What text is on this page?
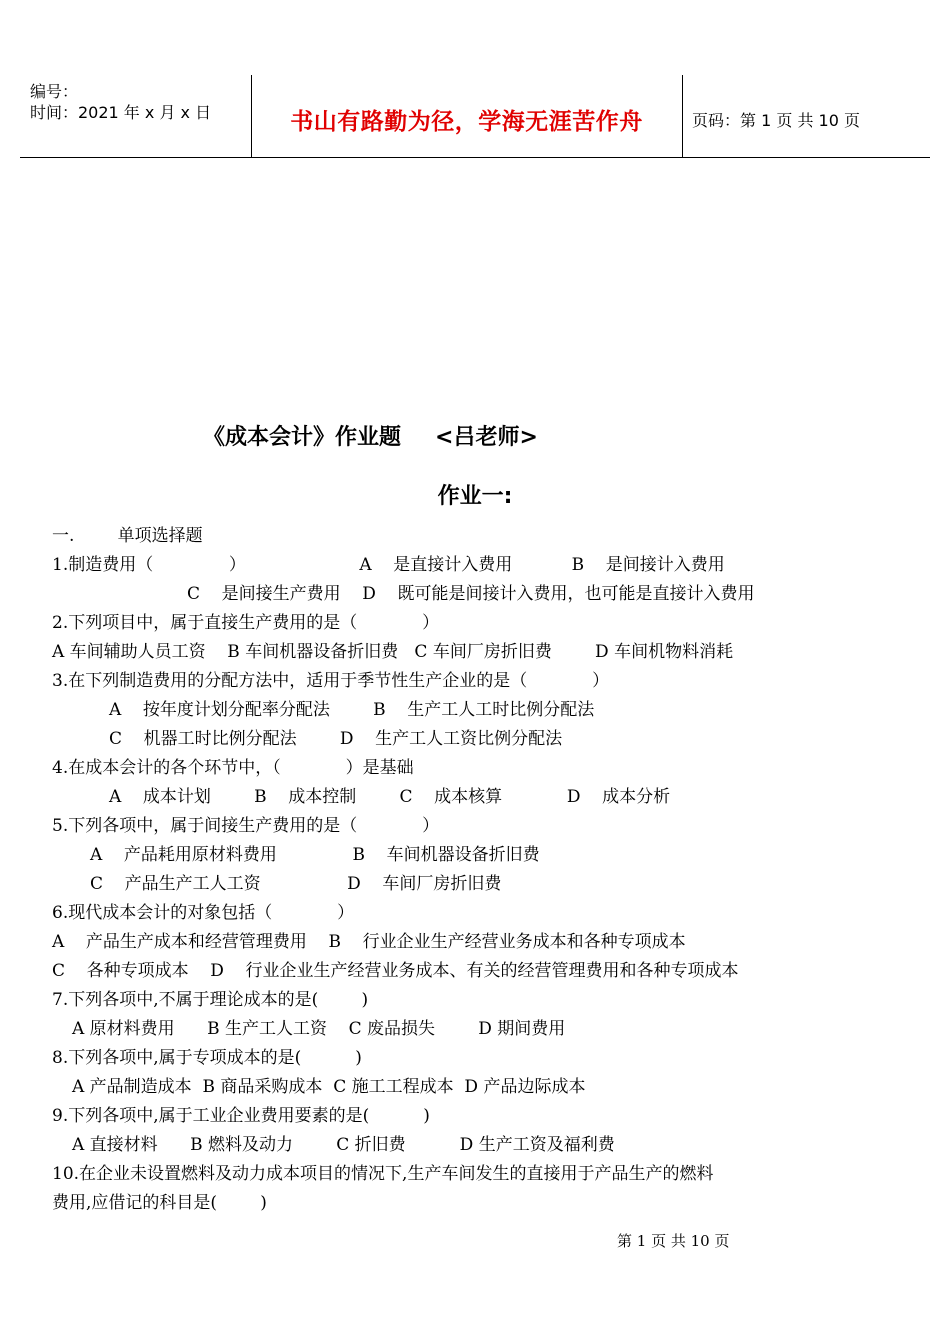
编号：
时间：2021 年 x 月 x 日	书山有路勤为径，学海无涯苦作舟	页码：第 1 页 共 10 页
《成本会计》作业题 <吕老师>
作业一:
一.        单项选择题
1.制造费用（              ）                     A    是直接计入费用           B    是间接计入费用
C    是间接生产费用    D    既可能是间接计入费用，也可能是直接计入费用
2.下列项目中，属于直接生产费用的是（            ）
A 车间辅助人员工资    B 车间机器设备折旧费   C 车间厂房折旧费        D 车间机物料消耗
3.在下列制造费用的分配方法中，适用于季节性生产企业的是（            ）
A    按年度计划分配率分配法        B    生产工人工时比例分配法
C    机器工时比例分配法        D    生产工人工资比例分配法
4.在成本会计的各个环节中，（            ）是基础
A    成本计划        B    成本控制        C    成本核算            D    成本分析
5.下列各项中，属于间接生产费用的是（            ）
A    产品耗用原材料费用              B    车间机器设备折旧费
C    产品生产工人工资                D    车间厂房折旧费
6.现代成本会计的对象包括（            ）
A    产品生产成本和经营管理费用    B    行业企业生产经营业务成本和各种专项成本
C    各种专项成本    D    行业企业生产经营业务成本、有关的经营管理费用和各种专项成本
7.下列各项中,不属于理论成本的是(        )
A 原材料费用      B 生产工人工资    C 废品损失        D 期间费用
8.下列各项中,属于专项成本的是(          )
A 产品制造成本  B 商品采购成本  C 施工工程成本  D 产品边际成本
9.下列各项中,属于工业企业费用要素的是(          )
A 直接材料      B 燃料及动力        C 折旧费          D 生产工资及福利费
10.在企业未设置燃料及动力成本项目的情况下,生产车间发生的直接用于产品生产的燃料
费用,应借记的科目是(        )
第 1 页 共 10 页
